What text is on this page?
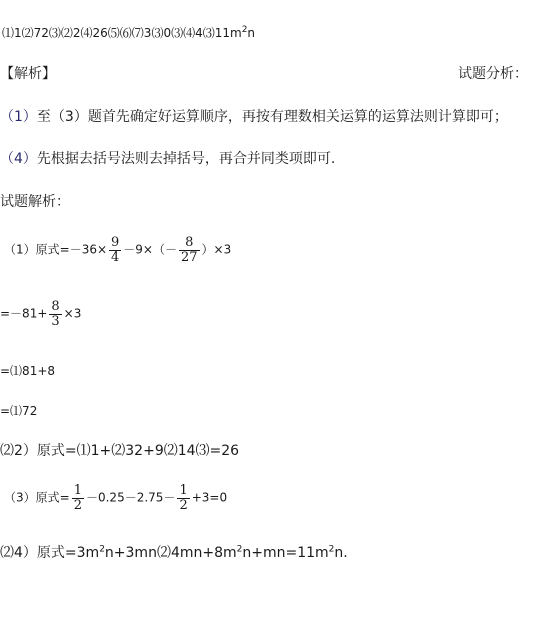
$⑴1⑵72⑶⑵2⑷26⑸⑹⑺3⑶0⑶⑷4⑶11m^2n$
【解析】	试题分析：
（1）至（3）题首先确定好运算顺序，再按有理数相关运算的运算法则计算即可；
（4）先根据去括号法则去掉括号，再合并同类项即可.
试题解析：
（1）原式$=-36\times \frac{9}{4} -9\times(- \frac{8}{27} )\times 3$
$=-81+ \frac{8}{3} \times 3$
=⑴81+8
=⑴72
⑵2）原式=⑴1+⑵32+9⑵14⑶=26
（3）原式= $\frac{1}{2} -0.25-2.75- \frac{1}{2} +3=0$
⑵4）原式$=3m^2n+3mn⑵4mn+8m^2n+mn=11m^2n$.
